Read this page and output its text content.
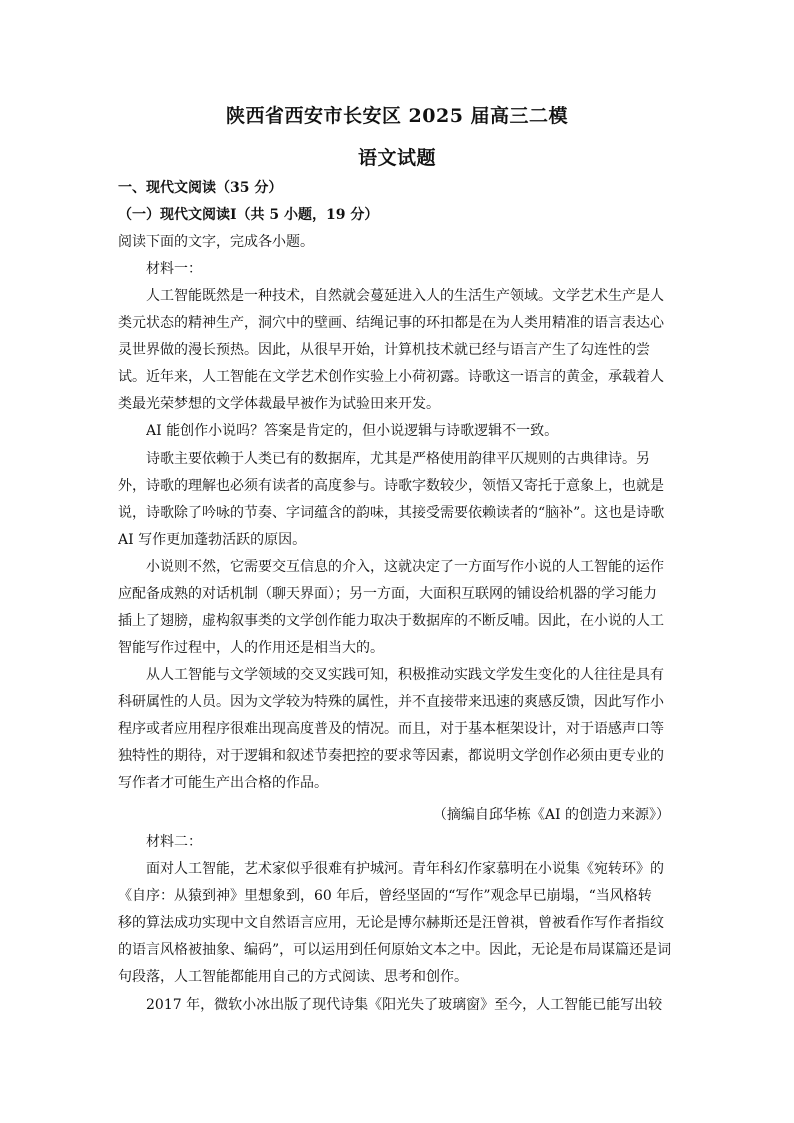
陕西省西安市长安区 2025 届高三二模
语文试题
一、现代文阅读（35 分）
（一）现代文阅读Ⅰ（共 5 小题，19 分）
阅读下面的文字，完成各小题。
材料一：
人工智能既然是一种技术，自然就会蔓延进入人的生活生产领域。文学艺术生产是人
类元状态的精神生产，洞穴中的壁画、结绳记事的环扣都是在为人类用精准的语言表达心
灵世界做的漫长预热。因此，从很早开始，计算机技术就已经与语言产生了勾连性的尝
试。近年来，人工智能在文学艺术创作实验上小荷初露。诗歌这一语言的黄金，承载着人
类最光荣梦想的文学体裁最早被作为试验田来开发。
AI 能创作小说吗？答案是肯定的，但小说逻辑与诗歌逻辑不一致。
诗歌主要依赖于人类已有的数据库，尤其是严格使用韵律平仄规则的古典律诗。另
外，诗歌的理解也必须有读者的高度参与。诗歌字数较少，领悟又寄托于意象上，也就是
说，诗歌除了吟咏的节奏、字词蕴含的韵味，其接受需要依赖读者的“脑补”。这也是诗歌
AI 写作更加蓬勃活跃的原因。
小说则不然，它需要交互信息的介入，这就决定了一方面写作小说的人工智能的运作
应配备成熟的对话机制（聊天界面）；另一方面，大面积互联网的铺设给机器的学习能力
插上了翅膀，虚构叙事类的文学创作能力取决于数据库的不断反哺。因此，在小说的人工
智能写作过程中，人的作用还是相当大的。
从人工智能与文学领域的交叉实践可知，积极推动实践文学发生变化的人往往是具有
科研属性的人员。因为文学较为特殊的属性，并不直接带来迅速的爽感反馈，因此写作小
程序或者应用程序很难出现高度普及的情况。而且，对于基本框架设计，对于语感声口等
独特性的期待，对于逻辑和叙述节奏把控的要求等因素，都说明文学创作必须由更专业的
写作者才可能生产出合格的作品。
（摘编自邱华栋《AI 的创造力来源》）
材料二：
面对人工智能，艺术家似乎很难有护城河。青年科幻作家慕明在小说集《宛转环》的
《自序：从猿到神》里想象到，60 年后，曾经坚固的“写作”观念早已崩塌，“当风格转
移的算法成功实现中文自然语言应用，无论是博尔赫斯还是汪曾祺，曾被看作写作者指纹
的语言风格被抽象、编码”，可以运用到任何原始文本之中。因此，无论是布局谋篇还是词
句段落，人工智能都能用自己的方式阅读、思考和创作。
2017 年，微软小冰出版了现代诗集《阳光失了玻璃窗》至今，人工智能已能写出较
